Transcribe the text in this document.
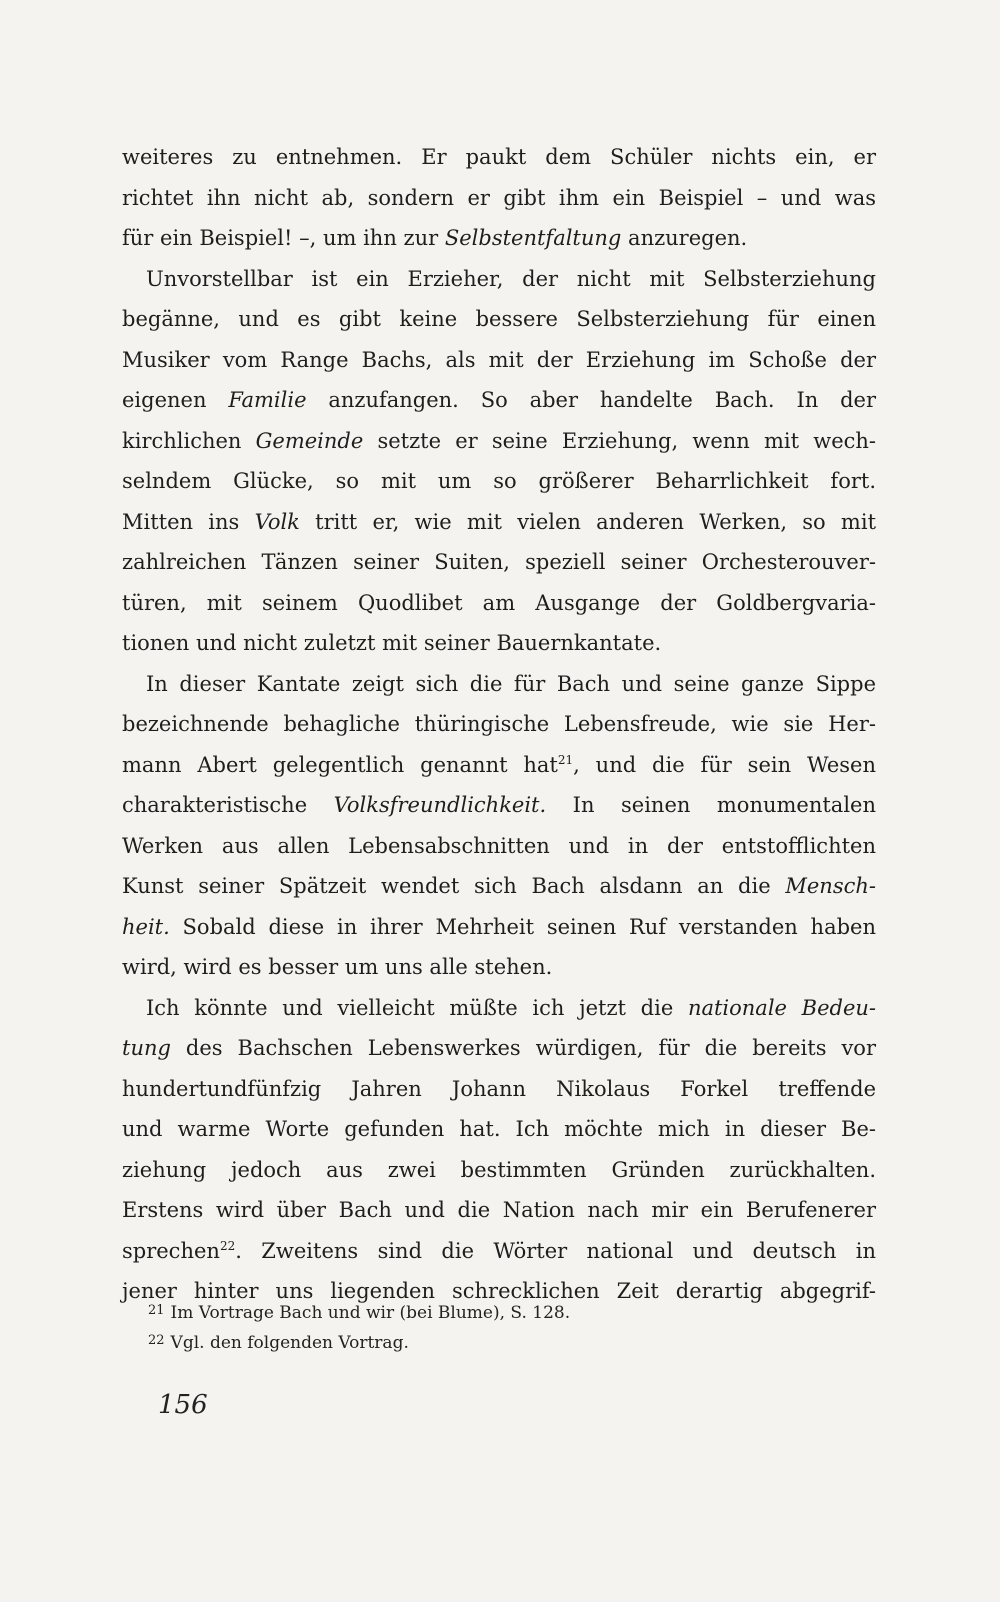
weiteres zu entnehmen. Er paukt dem Schüler nichts ein, er
richtet ihn nicht ab, sondern er gibt ihm ein Beispiel – und was
für ein Beispiel! –, um ihn zur Selbstentfaltung anzuregen.
Unvorstellbar ist ein Erzieher, der nicht mit Selbsterziehung
begänne, und es gibt keine bessere Selbsterziehung für einen
Musiker vom Range Bachs, als mit der Erziehung im Schoße der
eigenen Familie anzufangen. So aber handelte Bach. In der
kirchlichen Gemeinde setzte er seine Erziehung, wenn mit wech-
selndem Glücke, so mit um so größerer Beharrlichkeit fort.
Mitten ins Volk tritt er, wie mit vielen anderen Werken, so mit
zahlreichen Tänzen seiner Suiten, speziell seiner Orchesterouver-
türen, mit seinem Quodlibet am Ausgange der Goldbergvaria-
tionen und nicht zuletzt mit seiner Bauernkantate.
In dieser Kantate zeigt sich die für Bach und seine ganze Sippe
bezeichnende behagliche thüringische Lebensfreude, wie sie Her-
mann Abert gelegentlich genannt hat$^{21}$, und die für sein Wesen
charakteristische Volksfreundlichkeit. In seinen monumentalen
Werken aus allen Lebensabschnitten und in der entstofflichten
Kunst seiner Spätzeit wendet sich Bach alsdann an die Mensch-
heit. Sobald diese in ihrer Mehrheit seinen Ruf verstanden haben
wird, wird es besser um uns alle stehen.
Ich könnte und vielleicht müßte ich jetzt die nationale Bedeu-
tung des Bachschen Lebenswerkes würdigen, für die bereits vor
hundertundfünfzig Jahren Johann Nikolaus Forkel treffende
und warme Worte gefunden hat. Ich möchte mich in dieser Be-
ziehung jedoch aus zwei bestimmten Gründen zurückhalten.
Erstens wird über Bach und die Nation nach mir ein Berufenerer
sprechen$^{22}$. Zweitens sind die Wörter national und deutsch in
jener hinter uns liegenden schrecklichen Zeit derartig abgegrif-
$^{21}$ Im Vortrage Bach und wir (bei Blume), S. 128.
$^{22}$ Vgl. den folgenden Vortrag.
156
